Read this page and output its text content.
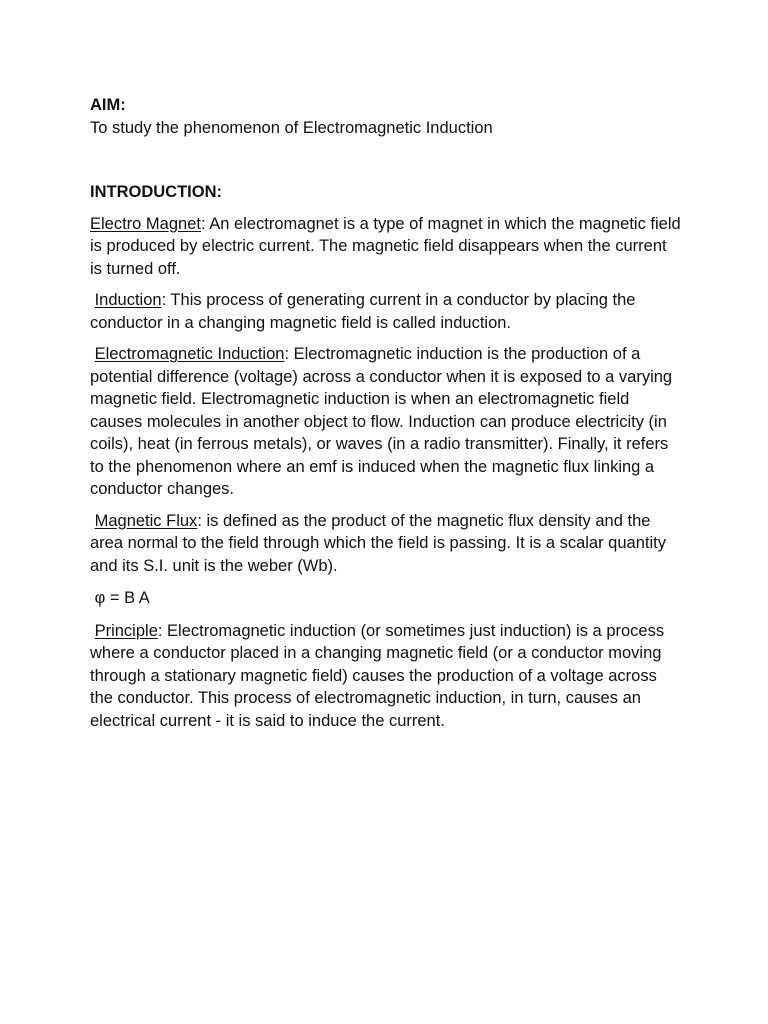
AIM:

To study the phenomenon of Electromagnetic Induction

INTRODUCTION:

Electro Magnet: An electromagnet is a type of magnet in which the magnetic field is produced by electric current. The magnetic field disappears when the current is turned off.

Induction: This process of generating current in a conductor by placing the conductor in a changing magnetic field is called induction.

Electromagnetic Induction: Electromagnetic induction is the production of a potential difference (voltage) across a conductor when it is exposed to a varying magnetic field. Electromagnetic induction is when an electromagnetic field causes molecules in another object to flow. Induction can produce electricity (in coils), heat (in ferrous metals), or waves (in a radio transmitter). Finally, it refers to the phenomenon where an emf is induced when the magnetic flux linking a conductor changes.

Magnetic Flux: is defined as the product of the magnetic flux density and the area normal to the field through which the field is passing. It is a scalar quantity and its S.I. unit is the weber (Wb).

φ = B A

Principle: Electromagnetic induction (or sometimes just induction) is a process where a conductor placed in a changing magnetic field (or a conductor moving through a stationary magnetic field) causes the production of a voltage across the conductor. This process of electromagnetic induction, in turn, causes an electrical current - it is said to induce the current.
